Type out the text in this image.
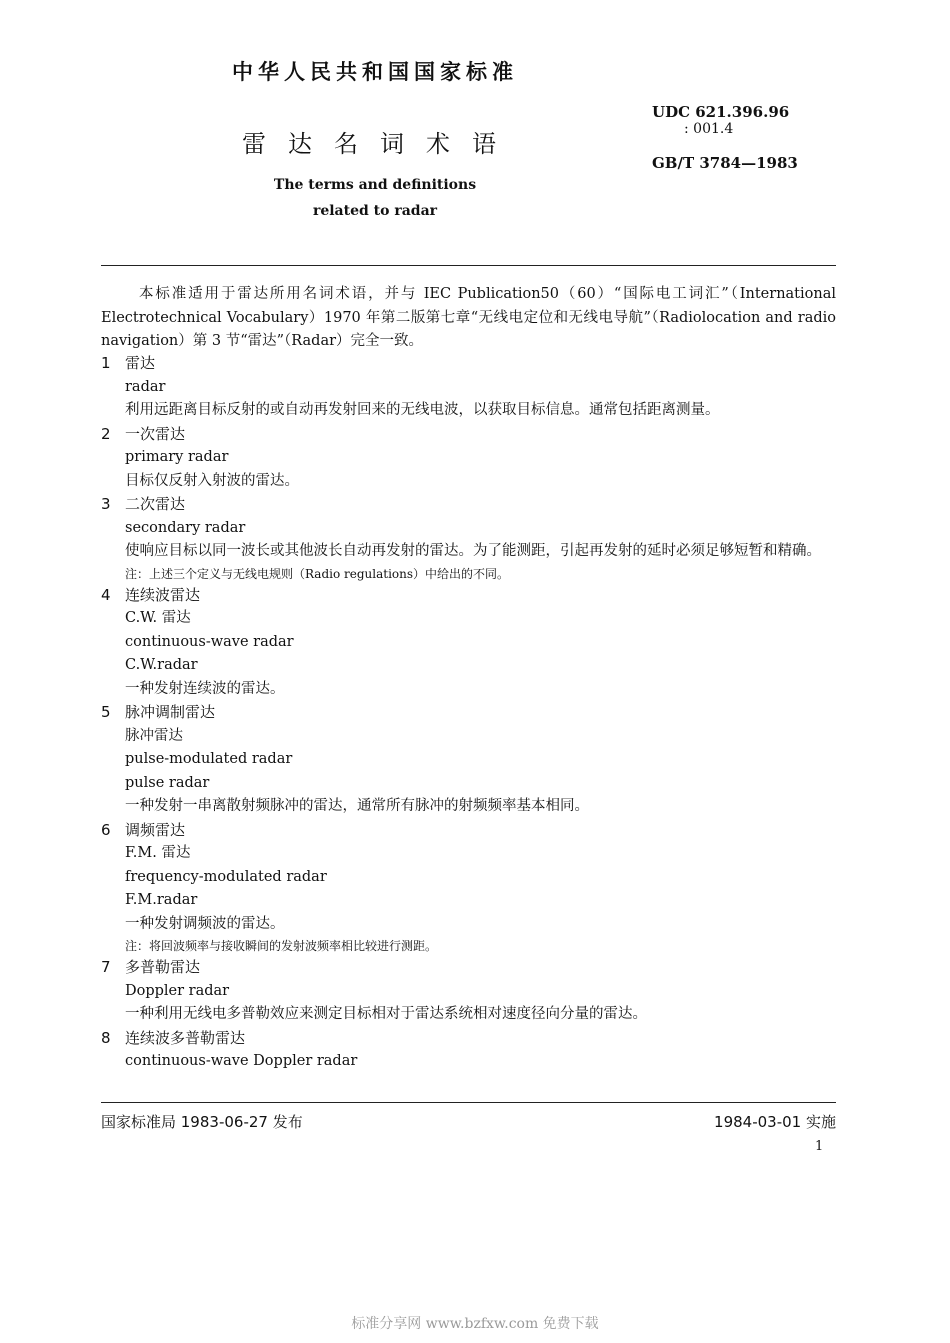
中华人民共和国国家标准
雷达名词术语
The terms and definitions
related to radar
UDC 621.396.96
: 001.4
GB/T 3784—1983
本标准适用于雷达所用名词术语，并与 IEC Publication50（60）“国际电工词汇”（International Electrotechnical Vocabulary）1970 年第二版第七章“无线电定位和无线电导航”（Radiolocation and radio navigation）第 3 节“雷达”（Radar）完全一致。
1 雷达
radar
利用远距离目标反射的或自动再发射回来的无线电波，以获取目标信息。通常包括距离测量。
2 一次雷达
primary radar
目标仅反射入射波的雷达。
3 二次雷达
secondary radar
使响应目标以同一波长或其他波长自动再发射的雷达。为了能测距，引起再发射的延时必须足够短暂和精确。
注：上述三个定义与无线电规则（Radio regulations）中给出的不同。
4 连续波雷达
C.W. 雷达
continuous-wave radar
C.W.radar
一种发射连续波的雷达。
5 脉冲调制雷达
脉冲雷达
pulse-modulated radar
pulse radar
一种发射一串离散射频脉冲的雷达，通常所有脉冲的射频频率基本相同。
6 调频雷达
F.M. 雷达
frequency-modulated radar
F.M.radar
一种发射调频波的雷达。
注：将回波频率与接收瞬间的发射波频率相比较进行测距。
7 多普勒雷达
Doppler radar
一种利用无线电多普勒效应来测定目标相对于雷达系统相对速度径向分量的雷达。
8 连续波多普勒雷达
continuous-wave Doppler radar
国家标准局 1983-06-27 发布	1984-03-01 实施
1
标准分享网 www.bzfxw.com 免费下载
